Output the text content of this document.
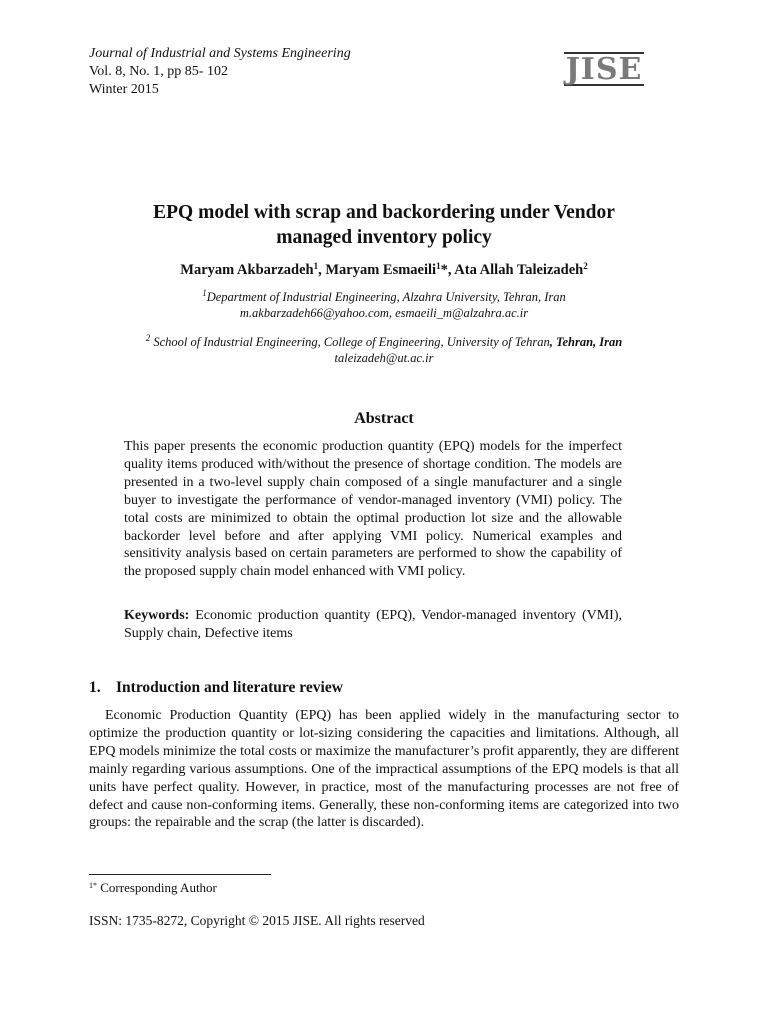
Journal of Industrial and Systems Engineering
Vol. 8, No. 1, pp 85- 102
Winter 2015
JISE
EPQ model with scrap and backordering under Vendor
managed inventory policy
Maryam Akbarzadeh$^1$, Maryam Esmaeili$^1$*, Ata Allah Taleizadeh$^2$
$^1$Department of Industrial Engineering, Alzahra University, Tehran, Iran
m.akbarzadeh66@yahoo.com, esmaeili_m@alzahra.ac.ir
$^2$ School of Industrial Engineering, College of Engineering, University of Tehran, Tehran, Iran
taleizadeh@ut.ac.ir
Abstract

This paper presents the economic production quantity (EPQ) models for the imperfect quality items produced with/without the presence of shortage condition. The models are presented in a two-level supply chain composed of a single manufacturer and a single buyer to investigate the performance of vendor-managed inventory (VMI) policy. The total costs are minimized to obtain the optimal production lot size and the allowable backorder level before and after applying VMI policy. Numerical examples and sensitivity analysis based on certain parameters are performed to show the capability of the proposed supply chain model enhanced with VMI policy.

Keywords: Economic production quantity (EPQ), Vendor-managed inventory (VMI), Supply chain, Defective items

1. Introduction and literature review

Economic Production Quantity (EPQ) has been applied widely in the manufacturing sector to optimize the production quantity or lot-sizing considering the capacities and limitations. Although, all EPQ models minimize the total costs or maximize the manufacturer’s profit apparently, they are different mainly regarding various assumptions. One of the impractical assumptions of the EPQ models is that all units have perfect quality. However, in practice, most of the manufacturing processes are not free of defect and cause non-conforming items. Generally, these non-conforming items are categorized into two groups: the repairable and the scrap (the latter is discarded).

$^{1*}$ Corresponding Author
ISSN: 1735-8272, Copyright © 2015 JISE. All rights reserved
